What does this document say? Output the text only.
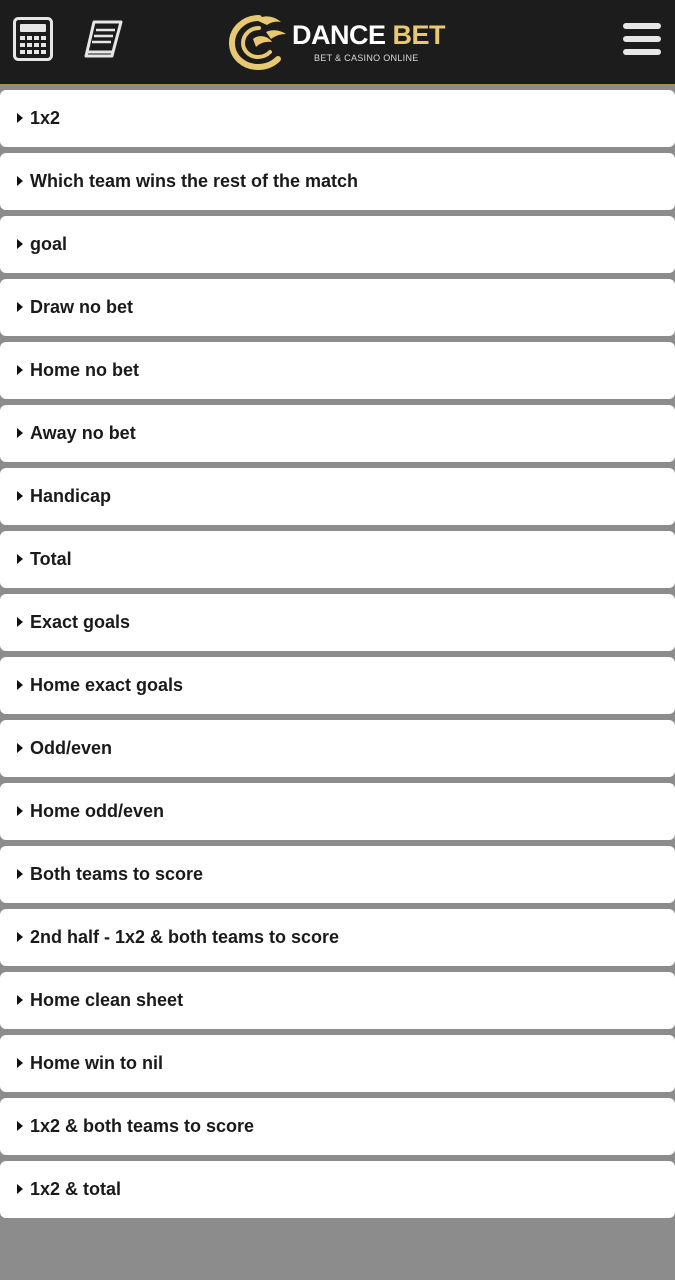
DANCE BET
BET & CASINO ONLINE
1x2
Which team wins the rest of the match
goal
Draw no bet
Home no bet
Away no bet
Handicap
Total
Exact goals
Home exact goals
Odd/even
Home odd/even
Both teams to score
2nd half - 1x2 & both teams to score
Home clean sheet
Home win to nil
1x2 & both teams to score
1x2 & total
